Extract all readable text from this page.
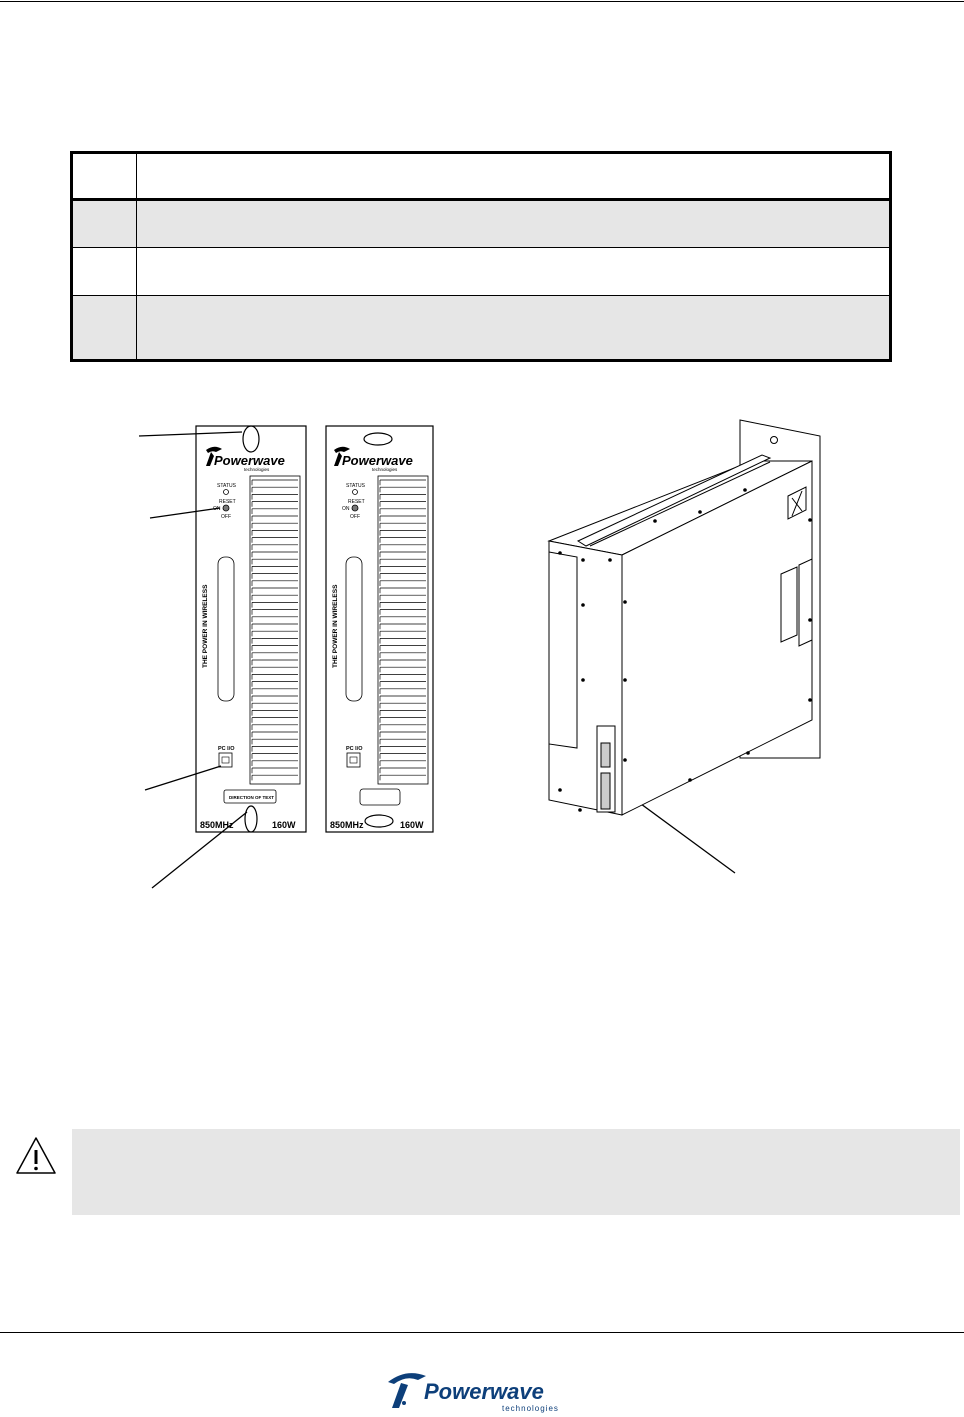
Powerwave
technologies
STATUS
RESET
ON
OFF
THE POWER IN WIRELESS
PC I/O
DIRECTION OF TEXT
850MHz	160W
Powerwave
technologies
STATUS
RESET
ON
OFF
THE POWER IN WIRELESS
PC I/O
850MHz	160W
Powerwave
technologies
